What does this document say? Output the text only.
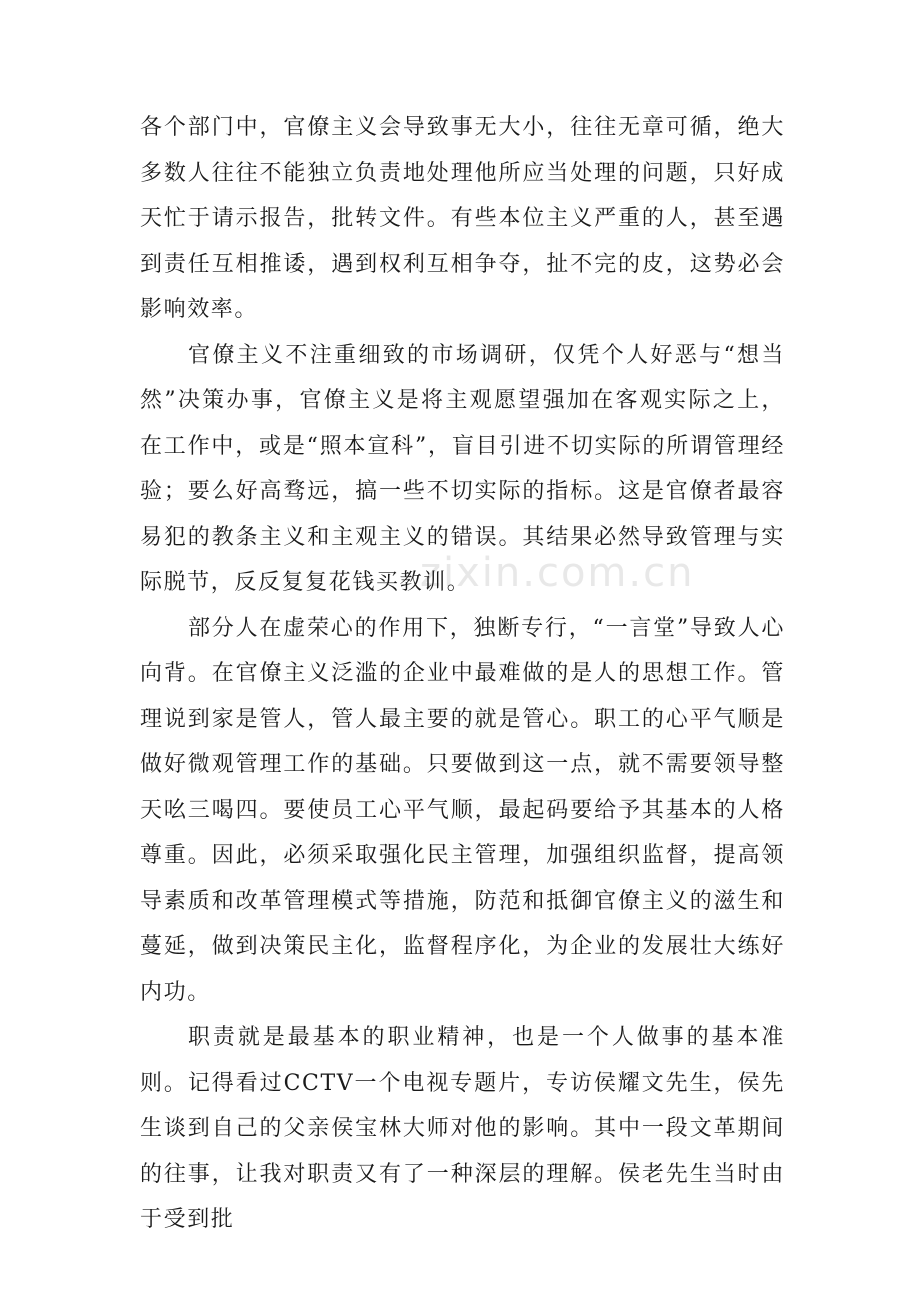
zixin.com.cn

各个部门中，官僚主义会导致事无大小，往往无章可循，绝大多数人往往不能独立负责地处理他所应当处理的问题，只好成天忙于请示报告，批转文件。有些本位主义严重的人，甚至遇到责任互相推诿，遇到权利互相争夺，扯不完的皮，这势必会影响效率。

官僚主义不注重细致的市场调研，仅凭个人好恶与“想当然”决策办事，官僚主义是将主观愿望强加在客观实际之上，在工作中，或是“照本宣科”，盲目引进不切实际的所谓管理经验；要么好高骛远，搞一些不切实际的指标。这是官僚者最容易犯的教条主义和主观主义的错误。其结果必然导致管理与实际脱节，反反复复花钱买教训。

部分人在虚荣心的作用下，独断专行，“一言堂”导致人心向背。在官僚主义泛滥的企业中最难做的是人的思想工作。管理说到家是管人，管人最主要的就是管心。职工的心平气顺是做好微观管理工作的基础。只要做到这一点，就不需要领导整天吆三喝四。要使员工心平气顺，最起码要给予其基本的人格尊重。因此，必须采取强化民主管理，加强组织监督，提高领导素质和改革管理模式等措施，防范和抵御官僚主义的滋生和蔓延，做到决策民主化，监督程序化，为企业的发展壮大练好内功。

职责就是最基本的职业精神，也是一个人做事的基本准则。记得看过CCTV一个电视专题片，专访侯耀文先生，侯先生谈到自己的父亲侯宝林大师对他的影响。其中一段文革期间的往事，让我对职责又有了一种深层的理解。侯老先生当时由于受到批
